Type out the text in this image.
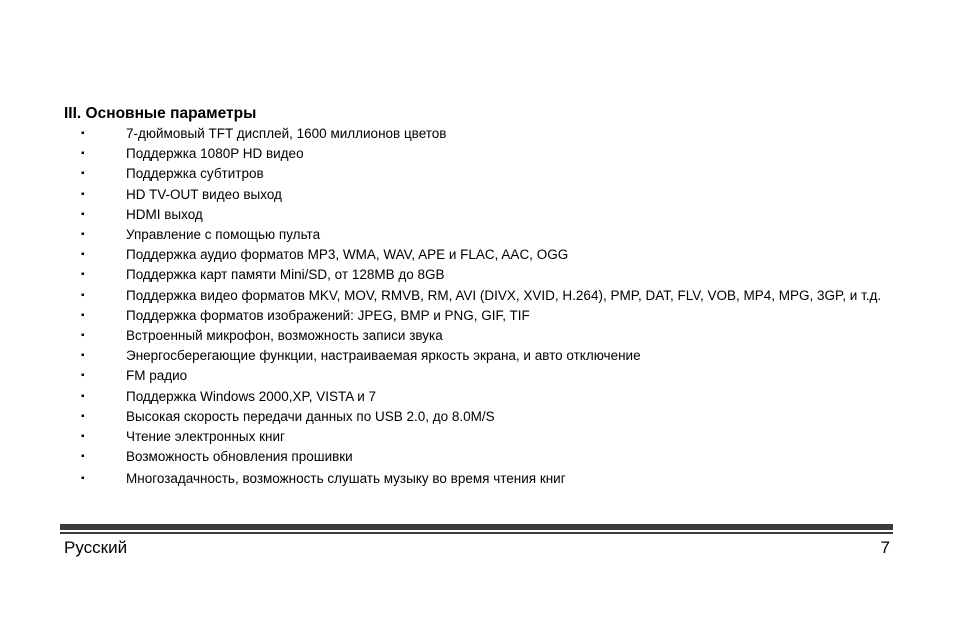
III. Основные параметры
▪	7-дюймовый TFT дисплей, 1600 миллионов цветов
▪	Поддержка 1080P HD видео
▪	Поддержка субтитров
▪	HD TV-OUT видео выход
▪	HDMI выход
▪	Управление с помощью пульта
▪	Поддержка аудио форматов MP3, WMA, WAV, APE и FLAC, AAC, OGG
▪	Поддержка карт памяти Mini/SD, от 128MB до 8GB
▪	Поддержка видео форматов MKV, MOV, RMVB, RM, AVI (DIVX, XVID, H.264), PMP, DAT, FLV, VOB, MP4, MPG, 3GP, и т.д.
▪	Поддержка форматов изображений: JPEG, BMP и PNG, GIF, TIF
▪	Встроенный микрофон, возможность записи звука
▪	Энергосберегающие функции, настраиваемая яркость экрана, и авто отключение
▪	FM радио
▪	Поддержка Windows 2000,XP, VISTA и 7
▪	Высокая скорость передачи данных по USB 2.0, до 8.0M/S
▪	Чтение электронных книг
▪	Возможность обновления прошивки
▪	Многозадачность, возможность слушать музыку во время чтения книг
Русский	7
